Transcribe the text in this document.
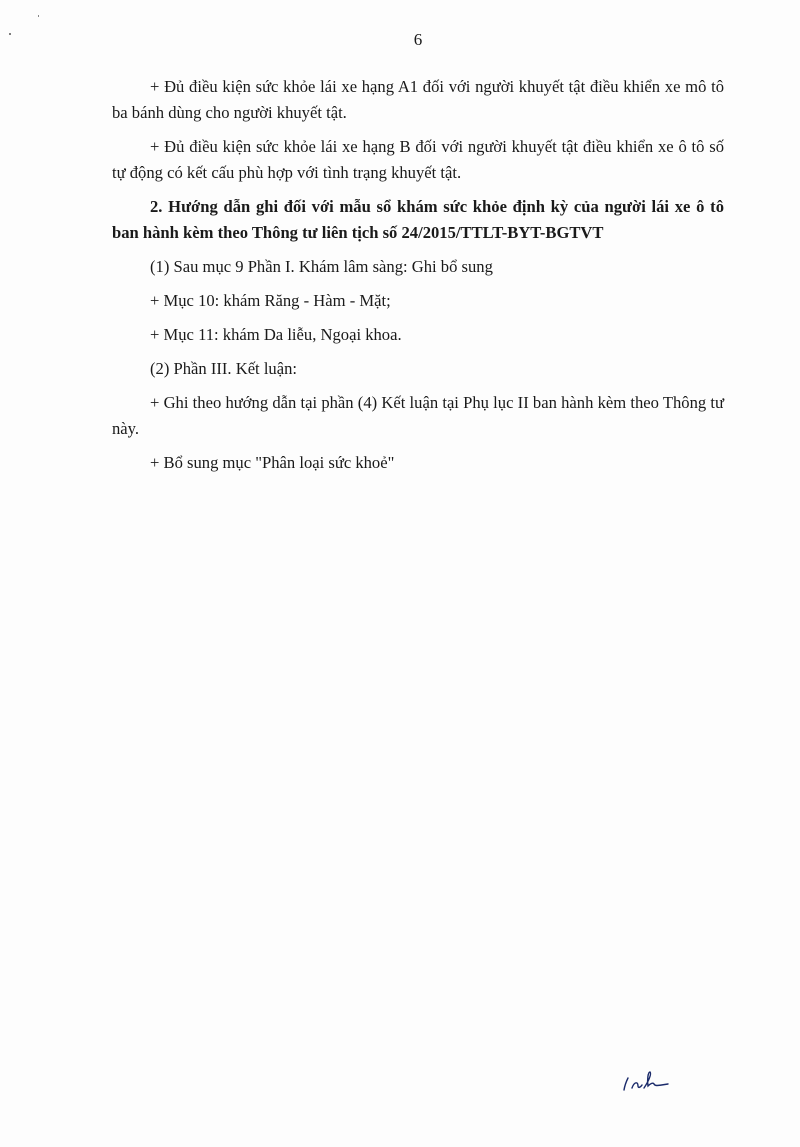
6

+ Đủ điều kiện sức khỏe lái xe hạng A1 đối với người khuyết tật điều khiển xe mô tô ba bánh dùng cho người khuyết tật.

+ Đủ điều kiện sức khỏe lái xe hạng B đối với người khuyết tật điều khiển xe ô tô số tự động có kết cấu phù hợp với tình trạng khuyết tật.

2. Hướng dẫn ghi đối với mẫu sổ khám sức khỏe định kỳ của người lái xe ô tô ban hành kèm theo Thông tư liên tịch số 24/2015/TTLT-BYT-BGTVT

(1) Sau mục 9 Phần I. Khám lâm sàng: Ghi bổ sung

+ Mục 10: khám Răng - Hàm - Mặt;

+ Mục 11: khám Da liễu, Ngoại khoa.

(2) Phần III. Kết luận:

+ Ghi theo hướng dẫn tại phần (4) Kết luận tại Phụ lục II ban hành kèm theo Thông tư này.

+ Bổ sung mục "Phân loại sức khoẻ"
